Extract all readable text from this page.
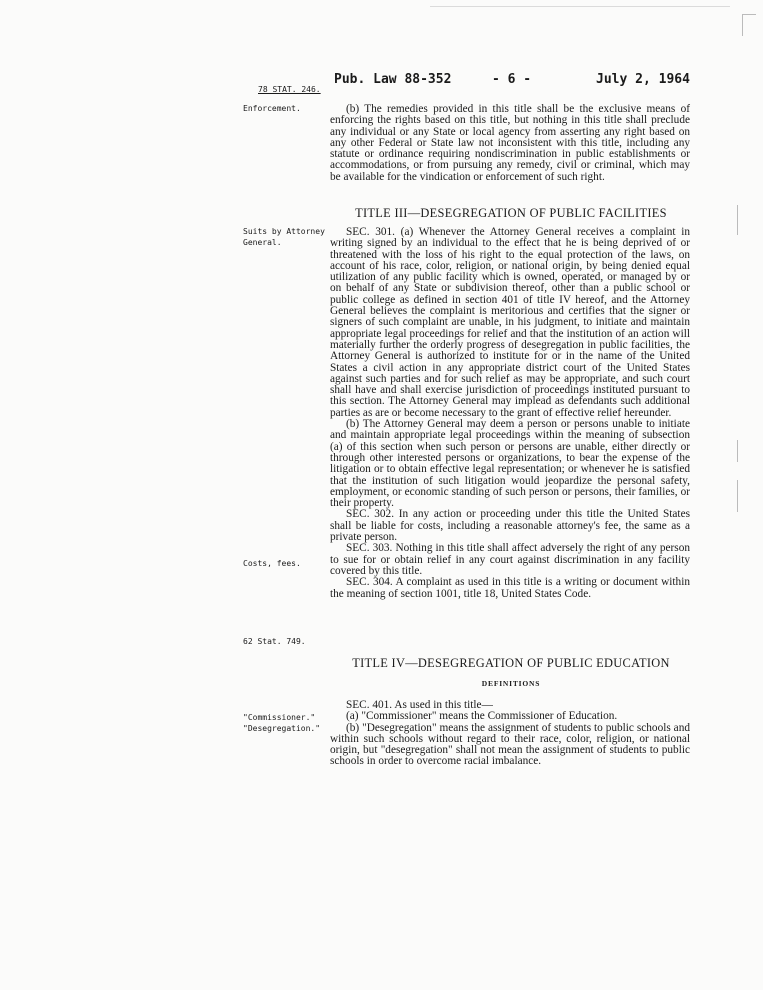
Pub. Law 88-352	- 6 -	July 2, 1964
78 STAT. 246.
Enforcement.
Suits by Attorney General.
Costs, fees.
62 Stat. 749.
"Commissioner."
"Desegregation."

(b) The remedies provided in this title shall be the exclusive means of enforcing the rights based on this title, but nothing in this title shall preclude any individual or any State or local agency from asserting any right based on any other Federal or State law not inconsistent with this title, including any statute or ordinance requiring nondiscrimination in public establishments or accommodations, or from pursuing any remedy, civil or criminal, which may be available for the vindication or enforcement of such right.

TITLE III—DESEGREGATION OF PUBLIC FACILITIES

SEC. 301. (a) Whenever the Attorney General receives a complaint in writing signed by an individual to the effect that he is being deprived of or threatened with the loss of his right to the equal protection of the laws, on account of his race, color, religion, or national origin, by being denied equal utilization of any public facility which is owned, operated, or managed by or on behalf of any State or subdivision thereof, other than a public school or public college as defined in section 401 of title IV hereof, and the Attorney General believes the complaint is meritorious and certifies that the signer or signers of such complaint are unable, in his judgment, to initiate and maintain appropriate legal proceedings for relief and that the institution of an action will materially further the orderly progress of desegregation in public facilities, the Attorney General is authorized to institute for or in the name of the United States a civil action in any appropriate district court of the United States against such parties and for such relief as may be appropriate, and such court shall have and shall exercise jurisdiction of proceedings instituted pursuant to this section. The Attorney General may implead as defendants such additional parties as are or become necessary to the grant of effective relief hereunder.

(b) The Attorney General may deem a person or persons unable to initiate and maintain appropriate legal proceedings within the meaning of subsection (a) of this section when such person or persons are unable, either directly or through other interested persons or organizations, to bear the expense of the litigation or to obtain effective legal representation; or whenever he is satisfied that the institution of such litigation would jeopardize the personal safety, employment, or economic standing of such person or persons, their families, or their property.

SEC. 302. In any action or proceeding under this title the United States shall be liable for costs, including a reasonable attorney's fee, the same as a private person.

SEC. 303. Nothing in this title shall affect adversely the right of any person to sue for or obtain relief in any court against discrimination in any facility covered by this title.

SEC. 304. A complaint as used in this title is a writing or document within the meaning of section 1001, title 18, United States Code.

TITLE IV—DESEGREGATION OF PUBLIC EDUCATION
DEFINITIONS

SEC. 401. As used in this title—

(a) "Commissioner" means the Commissioner of Education.

(b) "Desegregation" means the assignment of students to public schools and within such schools without regard to their race, color, religion, or national origin, but "desegregation" shall not mean the assignment of students to public schools in order to overcome racial imbalance.
